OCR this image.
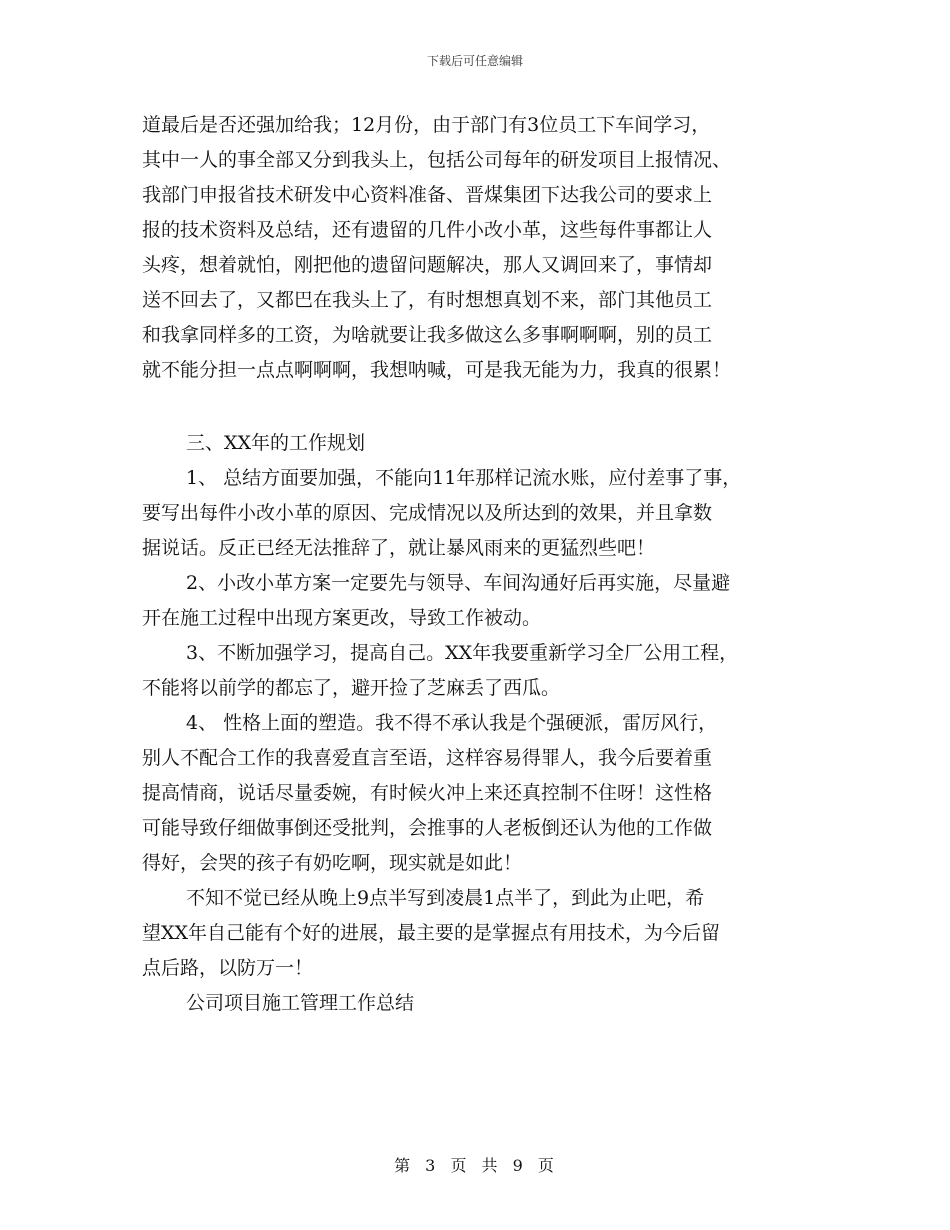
下载后可任意编辑
道最后是否还强加给我；12月份，由于部门有3位员工下车间学习，
其中一人的事全部又分到我头上，包括公司每年的研发项目上报情况、
我部门申报省技术研发中心资料准备、晋煤集团下达我公司的要求上
报的技术资料及总结，还有遗留的几件小改小革，这些每件事都让人
头疼，想着就怕，刚把他的遗留问题解决，那人又调回来了，事情却
送不回去了，又都巴在我头上了，有时想想真划不来，部门其他员工
和我拿同样多的工资，为啥就要让我多做这么多事啊啊啊，别的员工
就不能分担一点点啊啊啊，我想呐喊，可是我无能为力，我真的很累！
三、XX年的工作规划
1、 总结方面要加强，不能向11年那样记流水账，应付差事了事，
要写出每件小改小革的原因、完成情况以及所达到的效果，并且拿数
据说话。反正已经无法推辞了，就让暴风雨来的更猛烈些吧！
2、小改小革方案一定要先与领导、车间沟通好后再实施，尽量避
开在施工过程中出现方案更改，导致工作被动。
3、不断加强学习，提高自己。XX年我要重新学习全厂公用工程，
不能将以前学的都忘了，避开捡了芝麻丢了西瓜。
4、 性格上面的塑造。我不得不承认我是个强硬派，雷厉风行，
别人不配合工作的我喜爱直言至语，这样容易得罪人，我今后要着重
提高情商，说话尽量委婉，有时候火冲上来还真控制不住呀！这性格
可能导致仔细做事倒还受批判，会推事的人老板倒还认为他的工作做
得好，会哭的孩子有奶吃啊，现实就是如此！
不知不觉已经从晚上9点半写到凌晨1点半了，到此为止吧，希
望XX年自己能有个好的进展，最主要的是掌握点有用技术，为今后留
点后路，以防万一！
公司项目施工管理工作总结
第 3 页 共 9 页
